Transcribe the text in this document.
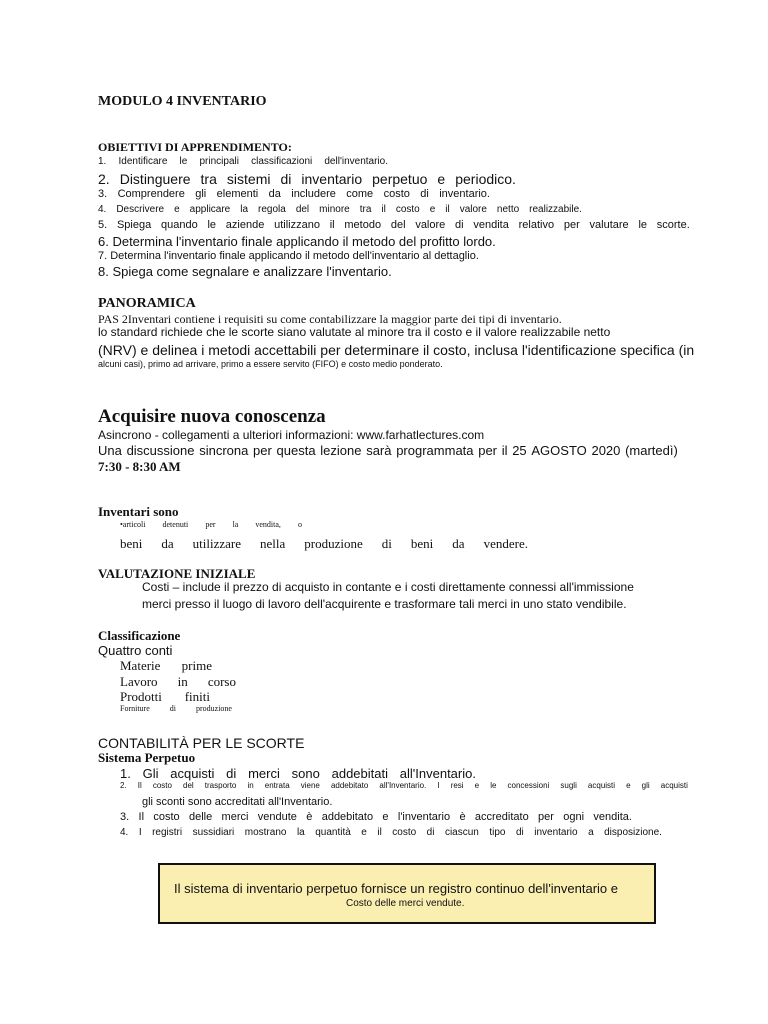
MODULO 4 INVENTARIO
OBIETTIVI DI APPRENDIMENTO:
1. Identificare le principali classificazioni dell'inventario.
2. Distinguere tra sistemi di inventario perpetuo e periodico.
3. Comprendere gli elementi da includere come costo di inventario.
4. Descrivere e applicare la regola del minore tra il costo e il valore netto realizzabile.
5. Spiega quando le aziende utilizzano il metodo del valore di vendita relativo per valutare le scorte.
6. Determina l'inventario finale applicando il metodo del profitto lordo.
7. Determina l'inventario finale applicando il metodo dell'inventario al dettaglio.
8. Spiega come segnalare e analizzare l'inventario.
PANORAMICA
PAS 2Inventari contiene i requisiti su come contabilizzare la maggior parte dei tipi di inventario.
lo standard richiede che le scorte siano valutate al minore tra il costo e il valore realizzabile netto
(NRV) e delinea i metodi accettabili per determinare il costo, inclusa l'identificazione specifica (in
alcuni casi), primo ad arrivare, primo a essere servito (FIFO) e costo medio ponderato.
Acquisire nuova conoscenza
Asincrono - collegamenti a ulteriori informazioni: www.farhatlectures.com
Una discussione sincrona per questa lezione sarà programmata per il 25 AGOSTO 2020 (martedì)
7:30 - 8:30 AM
Inventari sono
•articoli detenuti per la vendita, o
beni da utilizzare nella produzione di beni da vendere.
VALUTAZIONE INIZIALE
Costi – include il prezzo di acquisto in contante e i costi direttamente connessi all'immissione
merci presso il luogo di lavoro dell'acquirente e trasformare tali merci in uno stato vendibile.
Classificazione
Quattro conti
Materie prime
Lavoro in corso
Prodotti finiti
Forniture di produzione
CONTABILITÀ PER LE SCORTE
Sistema Perpetuo
1. Gli acquisti di merci sono addebitati all'Inventario.
2. Il costo del trasporto in entrata viene addebitato all'Inventario. I resi e le concessioni sugli acquisti e gli acquisti
gli sconti sono accreditati all'Inventario.
3. Il costo delle merci vendute è addebitato e l'inventario è accreditato per ogni vendita.
4. I registri sussidiari mostrano la quantità e il costo di ciascun tipo di inventario a disposizione.
Il sistema di inventario perpetuo fornisce un registro continuo dell'inventario e
Costo delle merci vendute.
